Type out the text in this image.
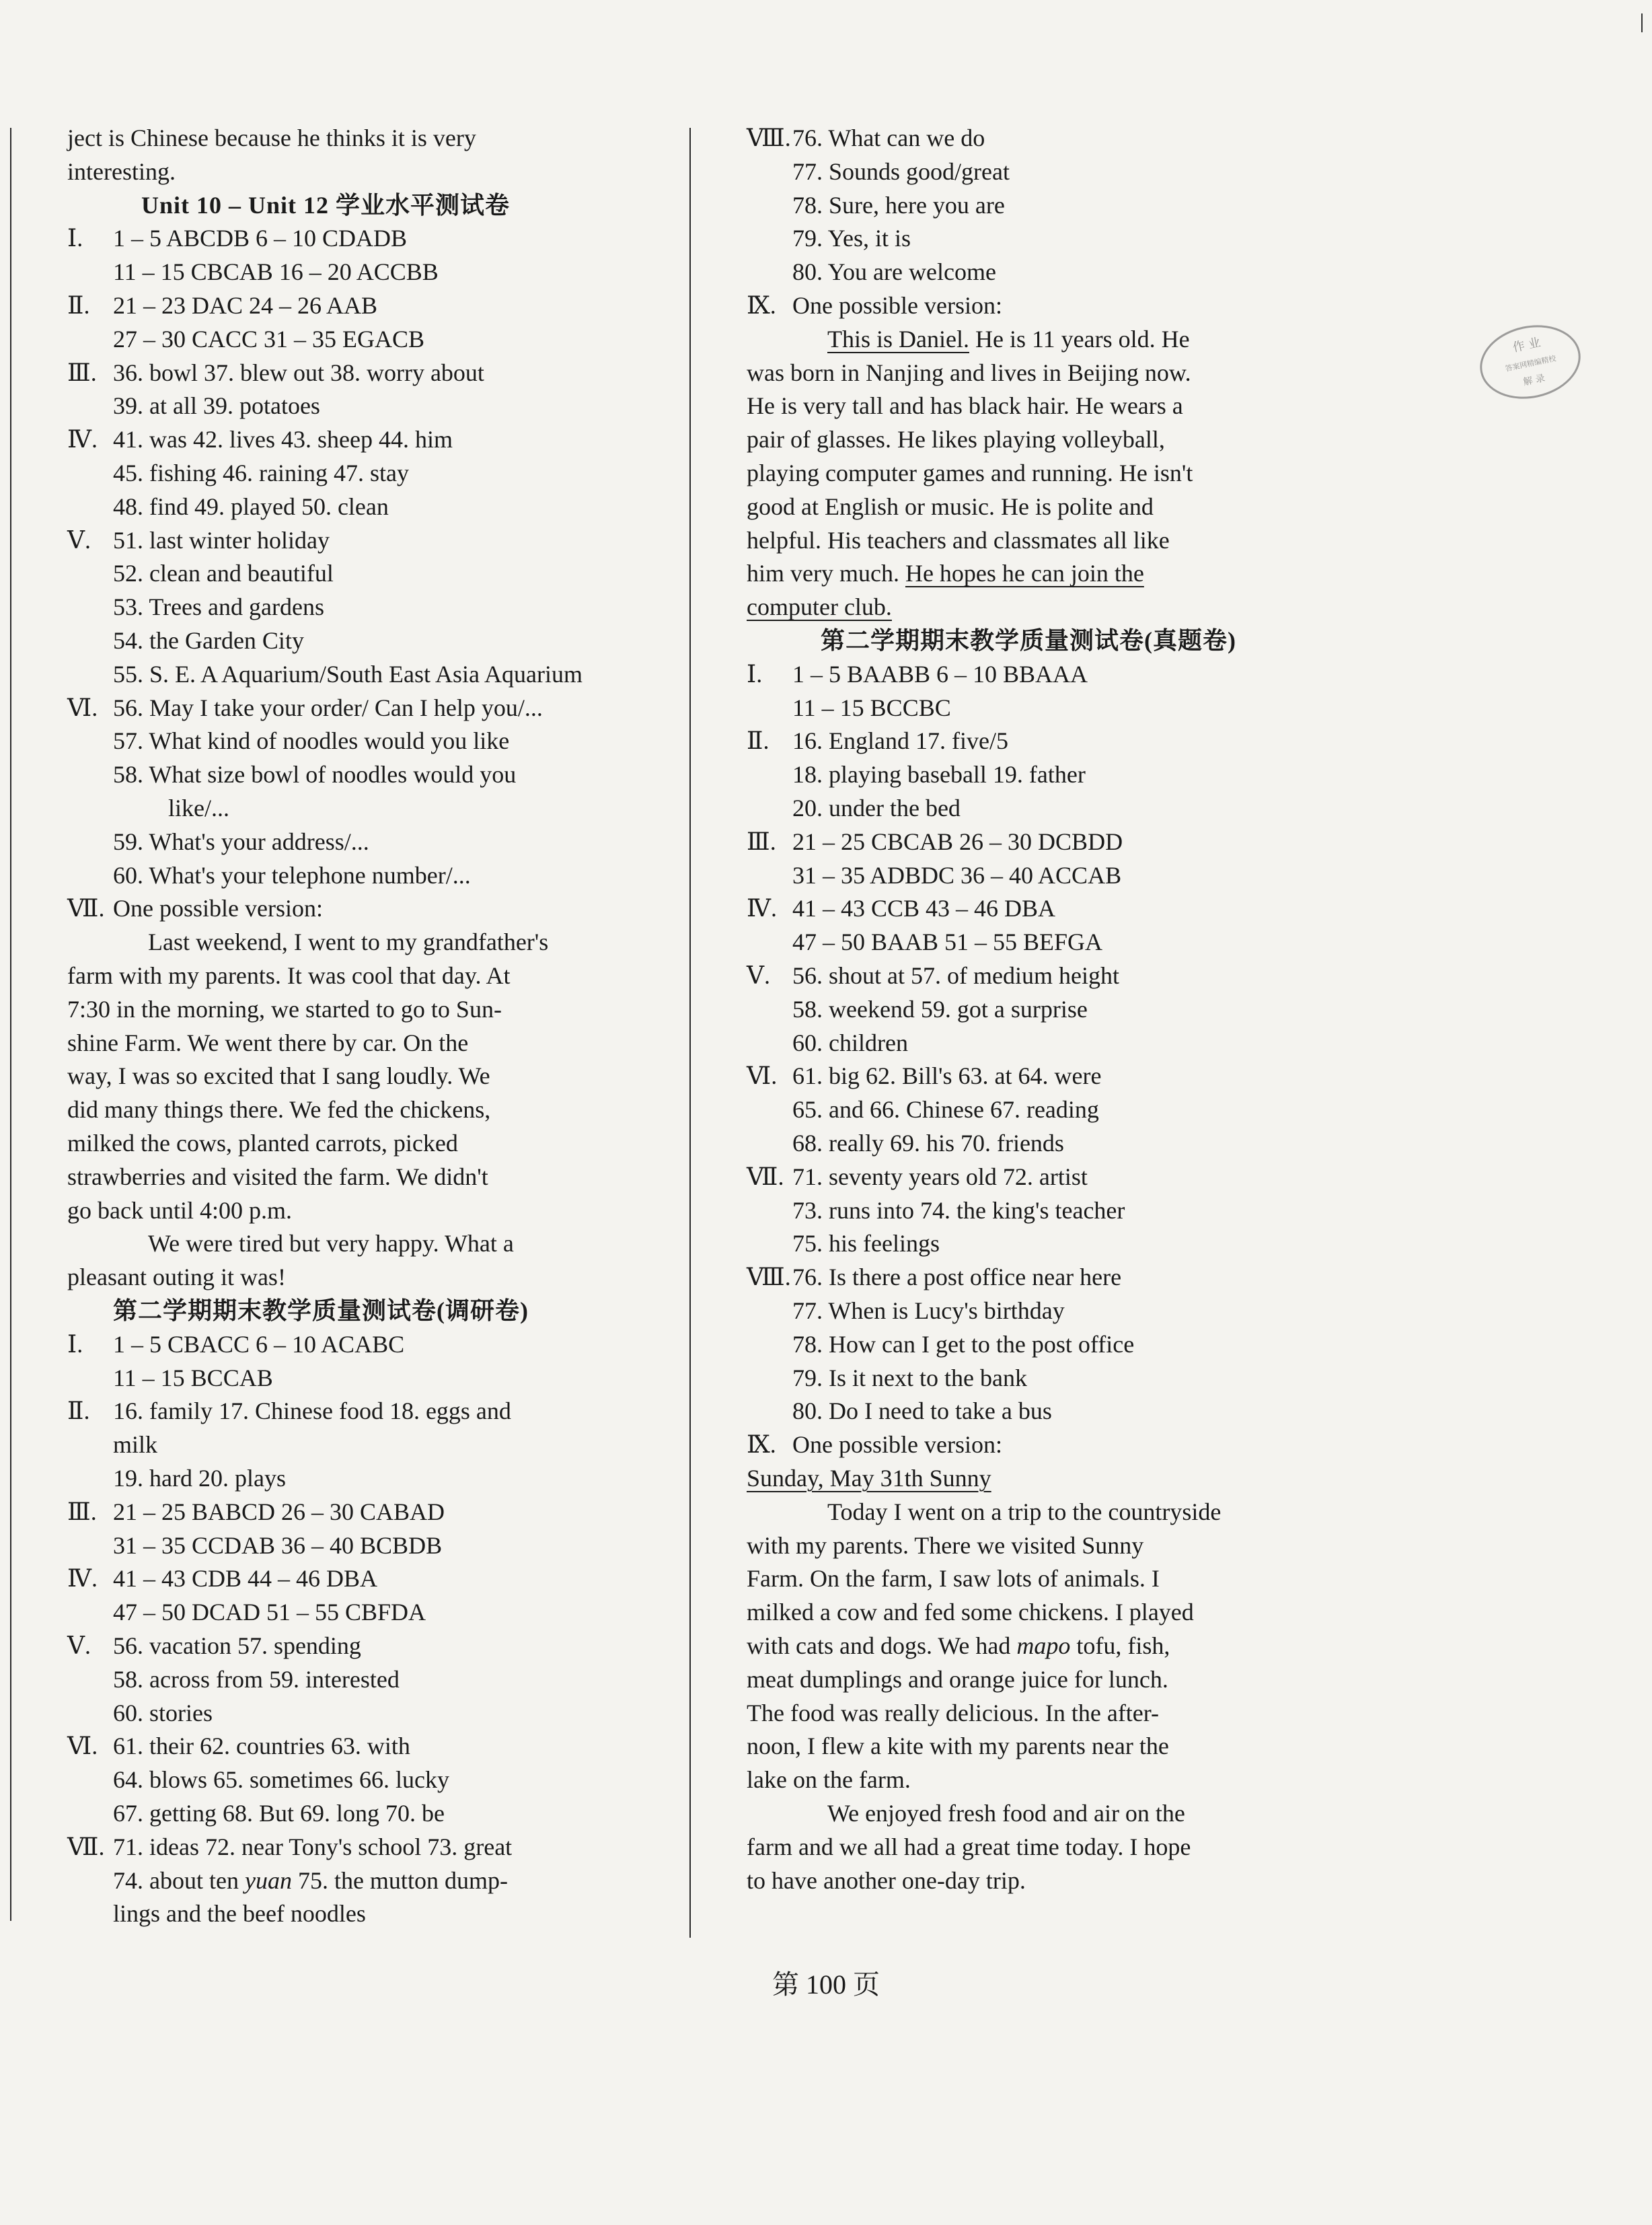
ject is Chinese because he thinks it is very
interesting.
Unit 10 – Unit 12 学业水平测试卷
Ⅰ. 1 – 5 ABCDB 6 – 10 CDADB
11 – 15 CBCAB 16 – 20 ACCBB
Ⅱ. 21 – 23 DAC 24 – 26 AAB
27 – 30 CACC 31 – 35 EGACB
Ⅲ. 36. bowl 37. blew out 38. worry about
39. at all 39. potatoes
Ⅳ. 41. was 42. lives 43. sheep 44. him
45. fishing 46. raining 47. stay
48. find 49. played 50. clean
Ⅴ. 51. last winter holiday
52. clean and beautiful
53. Trees and gardens
54. the Garden City
55. S. E. A Aquarium/South East Asia Aquarium
Ⅵ. 56. May I take your order/ Can I help you/...
57. What kind of noodles would you like
58. What size bowl of noodles would you
like/...
59. What's your address/...
60. What's your telephone number/...
Ⅶ. One possible version:
Last weekend, I went to my grandfather's
farm with my parents. It was cool that day. At
7:30 in the morning, we started to go to Sun-
shine Farm. We went there by car. On the
way, I was so excited that I sang loudly. We
did many things there. We fed the chickens,
milked the cows, planted carrots, picked
strawberries and visited the farm. We didn't
go back until 4:00 p.m.
We were tired but very happy. What a
pleasant outing it was!
第二学期期末教学质量测试卷(调研卷)
Ⅰ. 1 – 5 CBACC 6 – 10 ACABC
11 – 15 BCCAB
Ⅱ. 16. family 17. Chinese food 18. eggs and
milk
19. hard 20. plays
Ⅲ. 21 – 25 BABCD 26 – 30 CABAD
31 – 35 CCDAB 36 – 40 BCBDB
Ⅳ. 41 – 43 CDB 44 – 46 DBA
47 – 50 DCAD 51 – 55 CBFDA
Ⅴ. 56. vacation 57. spending
58. across from 59. interested
60. stories
Ⅵ. 61. their 62. countries 63. with
64. blows 65. sometimes 66. lucky
67. getting 68. But 69. long 70. be
Ⅶ. 71. ideas 72. near Tony's school 73. great
74. about ten yuan 75. the mutton dump-
lings and the beef noodles
Ⅷ. 76. What can we do
77. Sounds good/great
78. Sure, here you are
79. Yes, it is
80. You are welcome
Ⅸ. One possible version:
This is Daniel. He is 11 years old. He
was born in Nanjing and lives in Beijing now.
He is very tall and has black hair. He wears a
pair of glasses. He likes playing volleyball,
playing computer games and running. He isn't
good at English or music. He is polite and
helpful. His teachers and classmates all like
him very much. He hopes he can join the
computer club.
第二学期期末教学质量测试卷(真题卷)
Ⅰ. 1 – 5 BAABB 6 – 10 BBAAA
11 – 15 BCCBC
Ⅱ. 16. England 17. five/5
18. playing baseball 19. father
20. under the bed
Ⅲ. 21 – 25 CBCAB 26 – 30 DCBDD
31 – 35 ADBDC 36 – 40 ACCAB
Ⅳ. 41 – 43 CCB 43 – 46 DBA
47 – 50 BAAB 51 – 55 BEFGA
Ⅴ. 56. shout at 57. of medium height
58. weekend 59. got a surprise
60. children
Ⅵ. 61. big 62. Bill's 63. at 64. were
65. and 66. Chinese 67. reading
68. really 69. his 70. friends
Ⅶ. 71. seventy years old 72. artist
73. runs into 74. the king's teacher
75. his feelings
Ⅷ. 76. Is there a post office near here
77. When is Lucy's birthday
78. How can I get to the post office
79. Is it next to the bank
80. Do I need to take a bus
Ⅸ. One possible version:
Sunday, May 31th Sunny
Today I went on a trip to the countryside
with my parents. There we visited Sunny
Farm. On the farm, I saw lots of animals. I
milked a cow and fed some chickens. I played
with cats and dogs. We had mapo tofu, fish,
meat dumplings and orange juice for lunch.
The food was really delicious. In the after-
noon, I flew a kite with my parents near the
lake on the farm.
We enjoyed fresh food and air on the
farm and we all had a great time today. I hope
to have another one-day trip.
作 业
答案网精编精校
解 录
第 100 页
